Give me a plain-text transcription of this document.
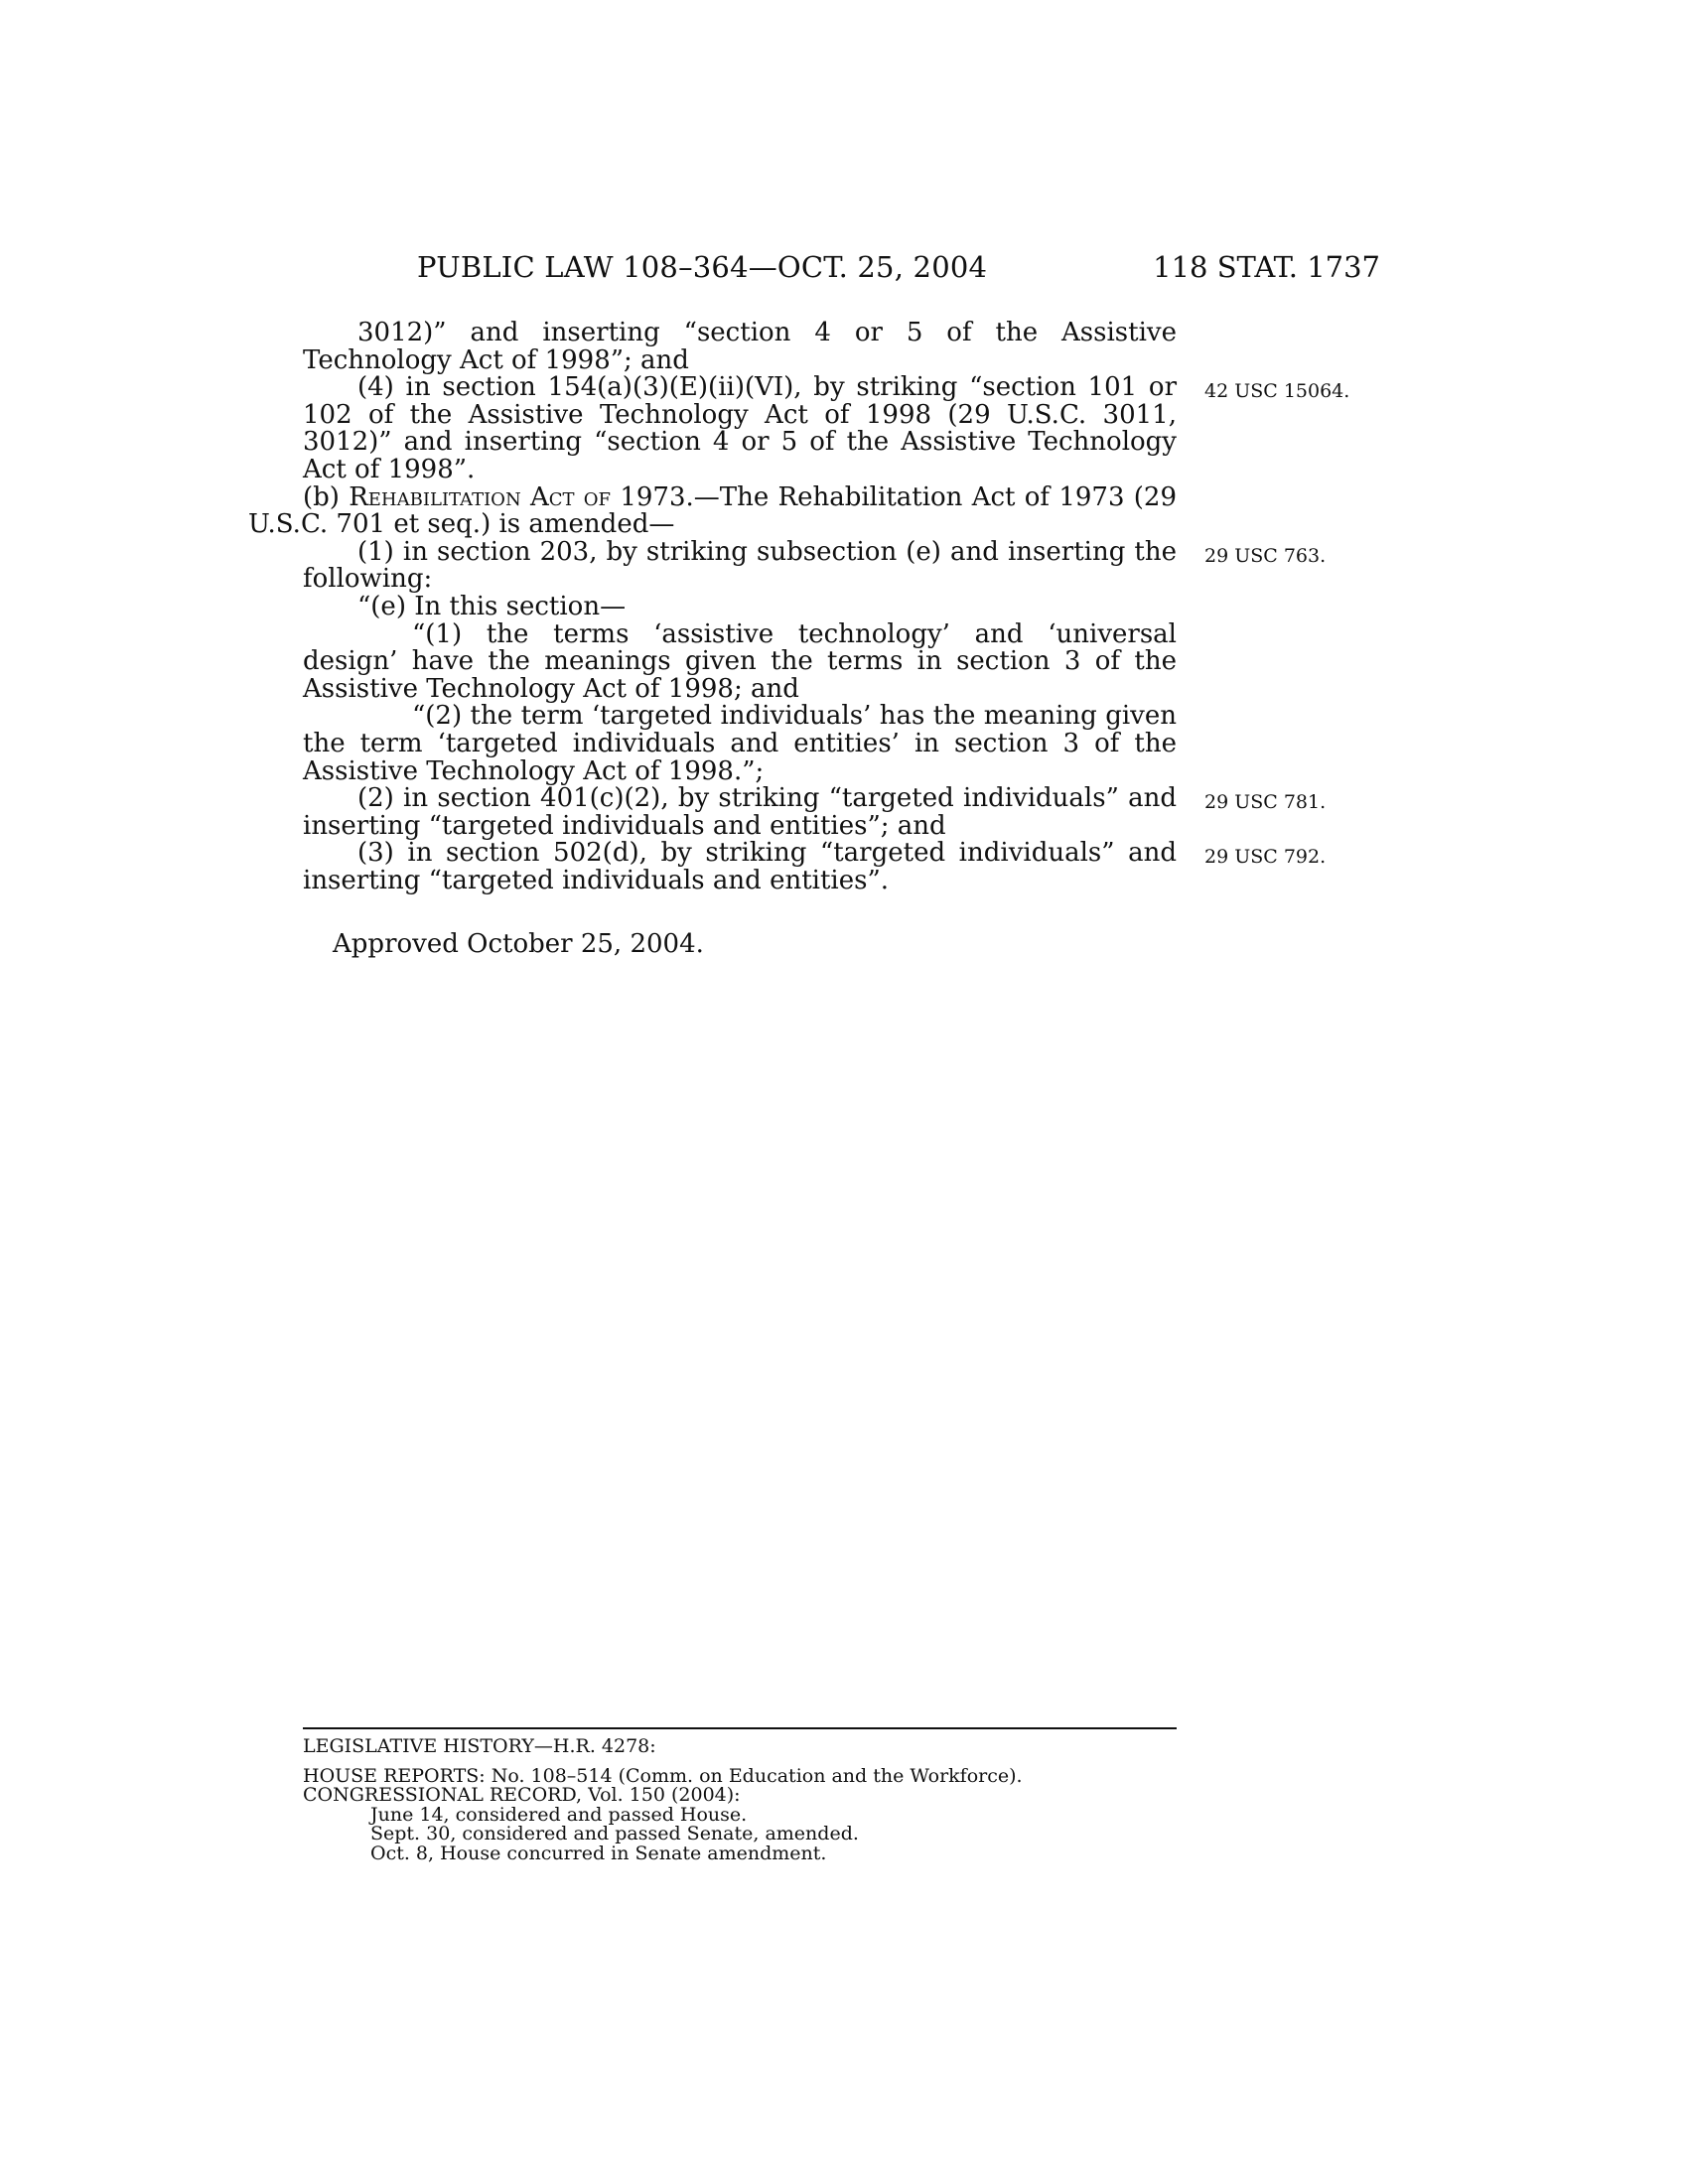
PUBLIC LAW 108–364—OCT. 25, 2004	118 STAT. 1737

3012)” and inserting “section 4 or 5 of the Assistive Technology Act of 1998”; and

(4) in section 154(a)(3)(E)(ii)(VI), by striking “section 101 or 102 of the Assistive Technology Act of 1998 (29 U.S.C. 3011, 3012)” and inserting “section 4 or 5 of the Assistive Technology Act of 1998”.
42 USC 15064.

(b) Rehabilitation Act of 1973.—The Rehabilitation Act of 1973 (29 U.S.C. 701 et seq.) is amended—

(1) in section 203, by striking subsection (e) and inserting the following:
29 USC 763.

“(e) In this section—

“(1) the terms ‘assistive technology’ and ‘universal design’ have the meanings given the terms in section 3 of the Assistive Technology Act of 1998; and

“(2) the term ‘targeted individuals’ has the meaning given the term ‘targeted individuals and entities’ in section 3 of the Assistive Technology Act of 1998.”;

(2) in section 401(c)(2), by striking “targeted individuals” and inserting “targeted individuals and entities”; and
29 USC 781.

(3) in section 502(d), by striking “targeted individuals” and inserting “targeted individuals and entities”.
29 USC 792.

Approved October 25, 2004.
LEGISLATIVE HISTORY—H.R. 4278:
HOUSE REPORTS: No. 108–514 (Comm. on Education and the Workforce).
CONGRESSIONAL RECORD, Vol. 150 (2004):
June 14, considered and passed House.
Sept. 30, considered and passed Senate, amended.
Oct. 8, House concurred in Senate amendment.
